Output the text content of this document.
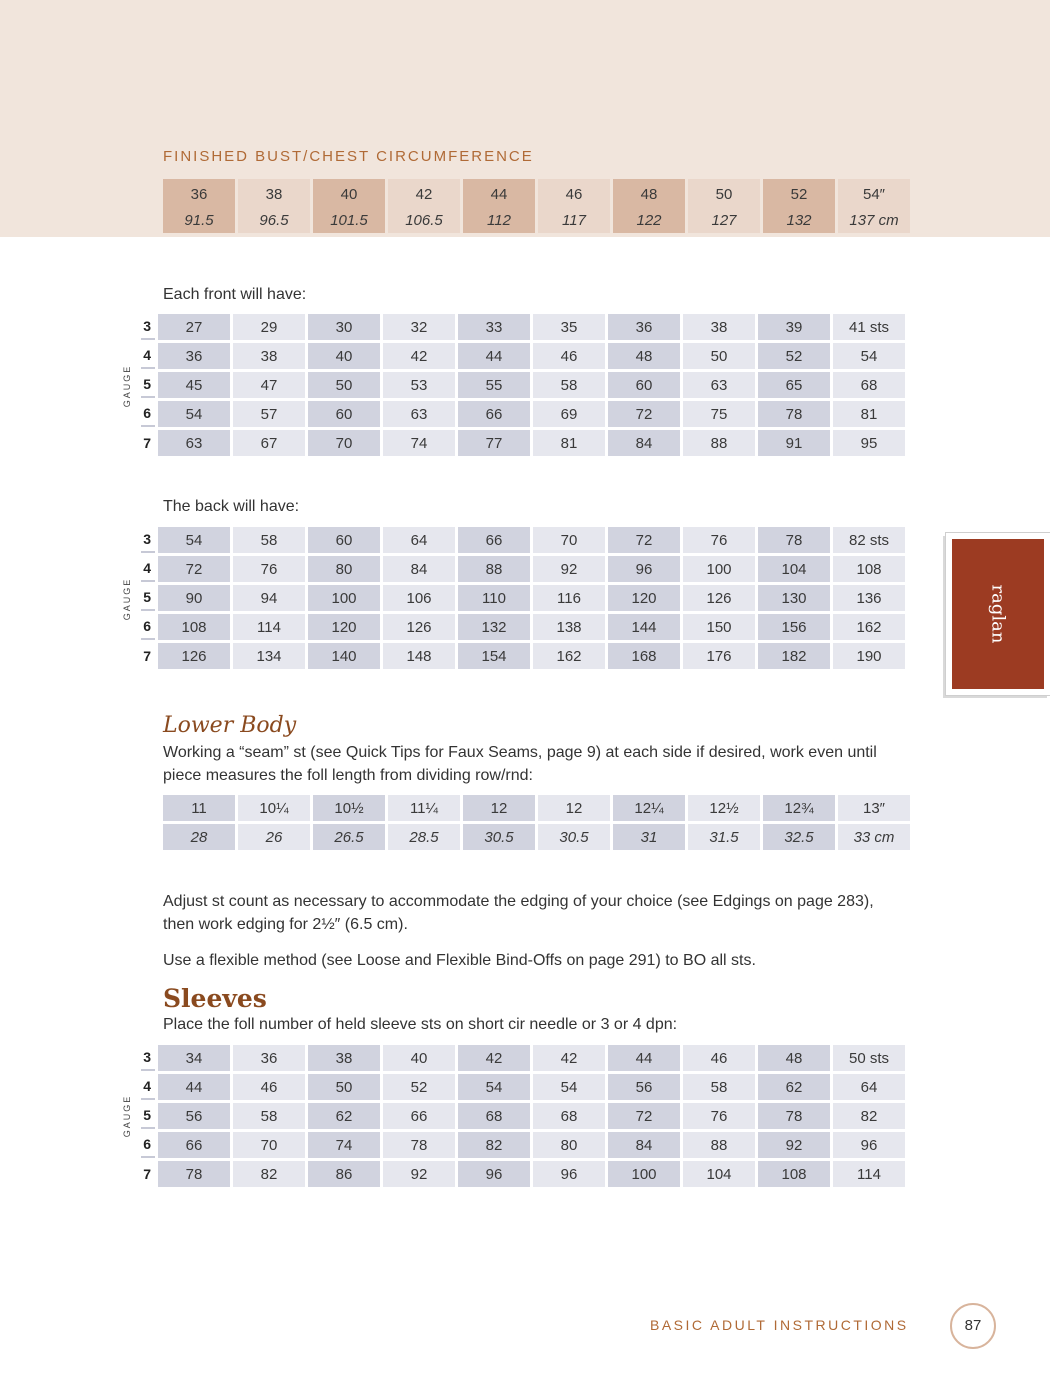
FINISHED BUST/CHEST CIRCUMFERENCE
36	38	40	42	44	46	48	50	52	54″
91.5	96.5	101.5	106.5	112	117	122	127	132	137 cm
Each front will have:
GAUGE
3	27	29	30	32	33	35	36	38	39	41 sts
4	36	38	40	42	44	46	48	50	52	54
5	45	47	50	53	55	58	60	63	65	68
6	54	57	60	63	66	69	72	75	78	81
7	63	67	70	74	77	81	84	88	91	95
The back will have:
GAUGE
3	54	58	60	64	66	70	72	76	78	82 sts
4	72	76	80	84	88	92	96	100	104	108
5	90	94	100	106	110	116	120	126	130	136
6	108	114	120	126	132	138	144	150	156	162
7	126	134	140	148	154	162	168	176	182	190
Lower Body
Working a “seam” st (see Quick Tips for Faux Seams, page 9) at each side if desired, work even until piece measures the foll length from dividing row/rnd:
11	10¼	10½	11¼	12	12	12¼	12½	12¾	13″
28	26	26.5	28.5	30.5	30.5	31	31.5	32.5	33 cm
Adjust st count as necessary to accommodate the edging of your choice (see Edgings on page 283), then work edging for 2½″ (6.5 cm).
Use a flexible method (see Loose and Flexible Bind-Offs on page 291) to BO all sts.
Sleeves
Place the foll number of held sleeve sts on short cir needle or 3 or 4 dpn:
GAUGE
3	34	36	38	40	42	42	44	46	48	50 sts
4	44	46	50	52	54	54	56	58	62	64
5	56	58	62	66	68	68	72	76	78	82
6	66	70	74	78	82	80	84	88	92	96
7	78	82	86	92	96	96	100	104	108	114
raglan
BASIC ADULT INSTRUCTIONS	87
